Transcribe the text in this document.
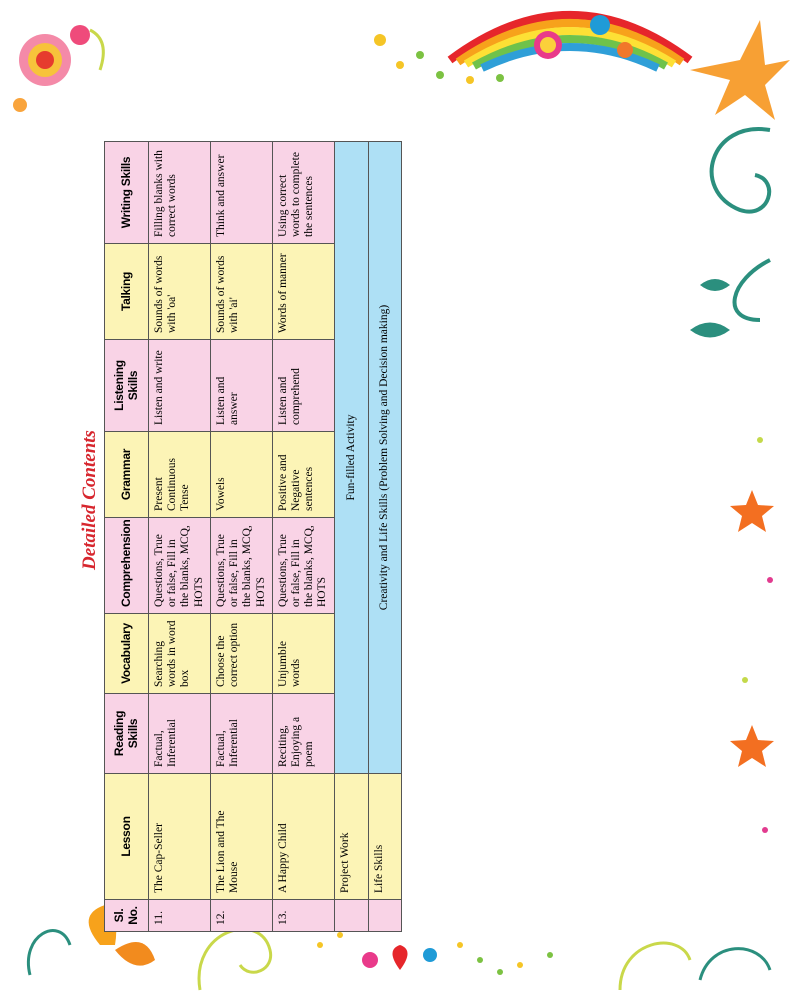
Detailed Contents
Sl. No.	Lesson	Reading Skills	Vocabulary	Comprehension	Grammar	Listening Skills	Talking	Writing Skills
11.	The Cap-Seller	Factual, Inferential	Searching words in word box	Questions, True or false, Fill in the blanks, MCQ, HOTS	Present Continuous Tense	Listen and write	Sounds of words with 'oa'	Filling blanks with correct words
12.	The Lion and The Mouse	Factual, Inferential	Choose the correct option	Questions, True or false, Fill in the blanks, MCQ, HOTS	Vowels	Listen and answer	Sounds of words with 'ai'	Think and answer
13.	A Happy Child	Reciting, Enjoying a poem	Unjumble words	Questions, True or false, Fill in the blanks, MCQ, HOTS	Positive and Negative sentences	Listen and comprehend	Words of manner	Using correct words to complete the sentences
	Project Work	Fun-filled Activity						
	Life Skills	Creativity and Life Skills (Problem Solving and Decision making)						
